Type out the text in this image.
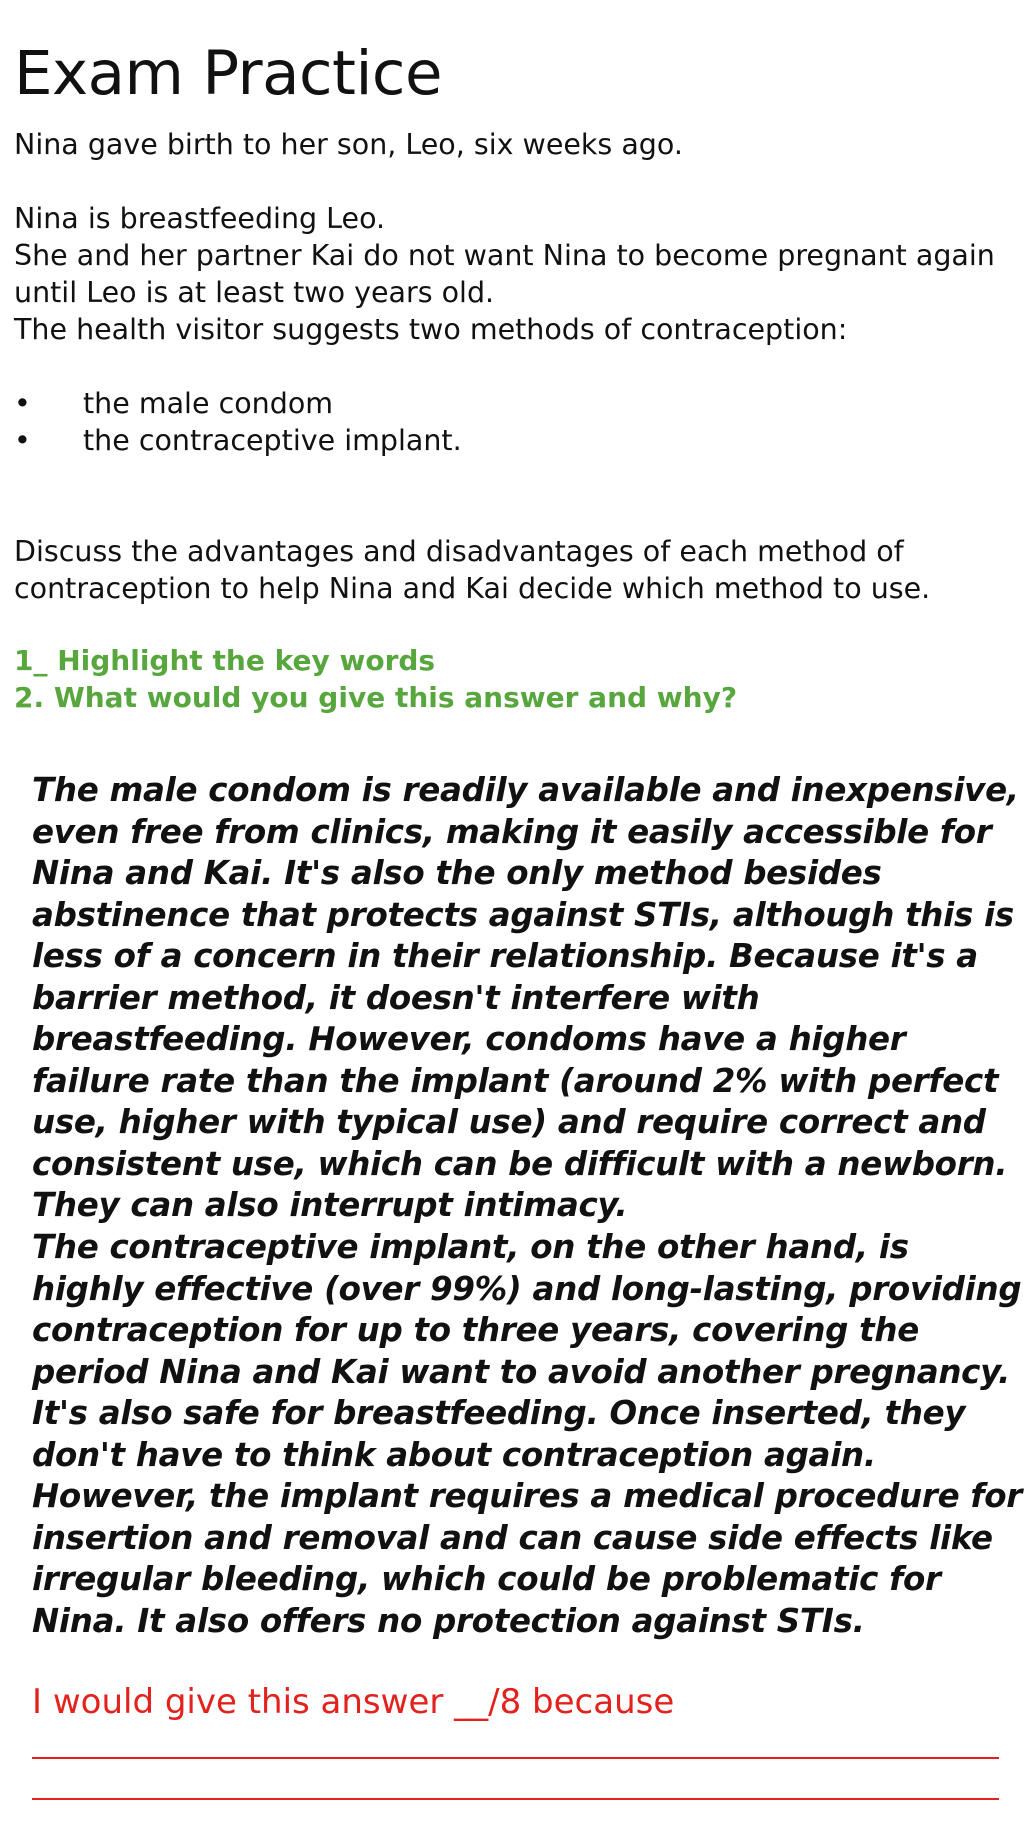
Exam Practice

Nina gave birth to her son, Leo, six weeks ago.

Nina is breastfeeding Leo.

She and her partner Kai do not want Nina to become pregnant again until Leo is at least two years old.

The health visitor suggests two methods of contraception:

• the male condom
• the contraceptive implant.

Discuss the advantages and disadvantages of each method of contraception to help Nina and Kai decide which method to use.

1_ Highlight the key words
2. What would you give this answer and why?

The male condom is readily available and inexpensive, even free from clinics, making it easily accessible for Nina and Kai. It's also the only method besides abstinence that protects against STIs, although this is less of a concern in their relationship. Because it's a barrier method, it doesn't interfere with breastfeeding. However, condoms have a higher failure rate than the implant (around 2% with perfect use, higher with typical use) and require correct and consistent use, which can be difficult with a newborn. They can also interrupt intimacy.

The contraceptive implant, on the other hand, is highly effective (over 99%) and long-lasting, providing contraception for up to three years, covering the period Nina and Kai want to avoid another pregnancy. It's also safe for breastfeeding. Once inserted, they don't have to think about contraception again. However, the implant requires a medical procedure for insertion and removal and can cause side effects like irregular bleeding, which could be problematic for Nina. It also offers no protection against STIs.

I would give this answer __/8 because
